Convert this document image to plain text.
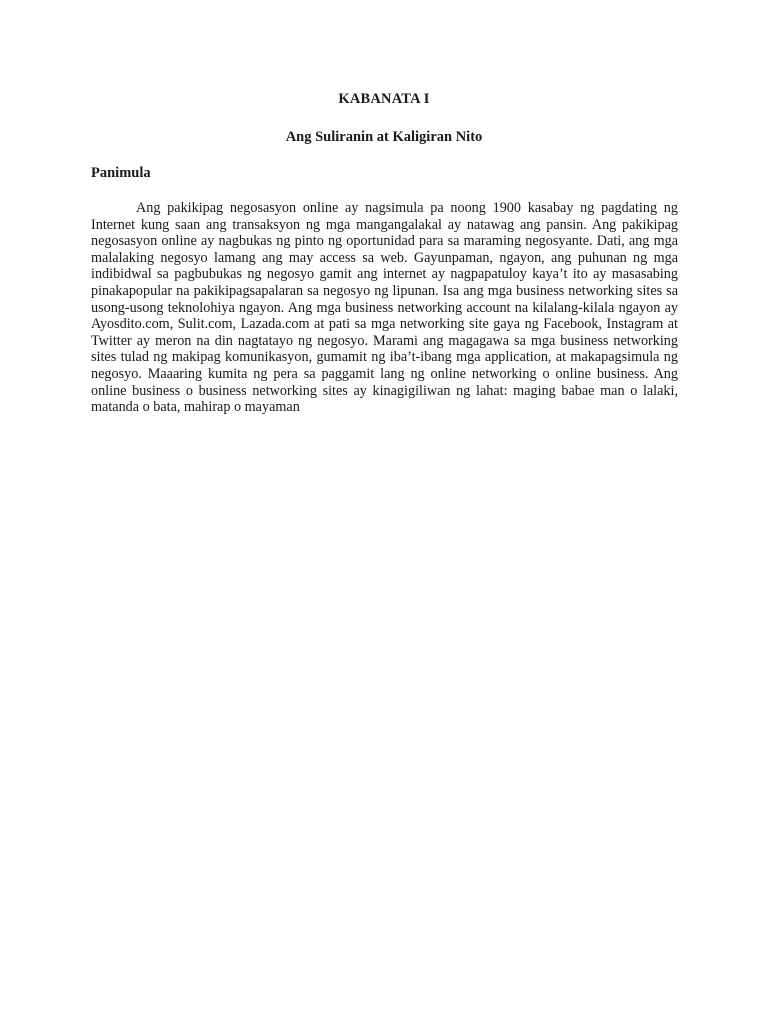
KABANATA I
Ang Suliranin at Kaligiran Nito
Panimula

Ang pakikipag negosasyon online ay nagsimula pa noong 1900 kasabay ng pagdating ng Internet kung saan ang transaksyon ng mga mangangalakal ay natawag ang pansin. Ang pakikipag negosasyon online ay nagbukas ng pinto ng oportunidad para sa maraming negosyante. Dati, ang mga malalaking negosyo lamang ang may access sa web. Gayunpaman, ngayon, ang puhunan ng mga indibidwal sa pagbubukas ng negosyo gamit ang internet ay nagpapatuloy kaya’t ito ay masasabing pinakapopular na pakikipagsapalaran sa negosyo ng lipunan. Isa ang mga business networking sites sa usong-usong teknolohiya ngayon. Ang mga business networking account na kilalang-kilala ngayon ay Ayosdito.com, Sulit.com, Lazada.com at pati sa mga networking site gaya ng Facebook, Instagram at Twitter ay meron na din nagtatayo ng negosyo. Marami ang magagawa sa mga business networking sites tulad ng makipag komunikasyon, gumamit ng iba’t-ibang mga application, at makapagsimula ng negosyo. Maaaring kumita ng pera sa paggamit lang ng online networking o online business. Ang online business o business networking sites ay kinagigiliwan ng lahat: maging babae man o lalaki, matanda o bata, mahirap o mayaman
